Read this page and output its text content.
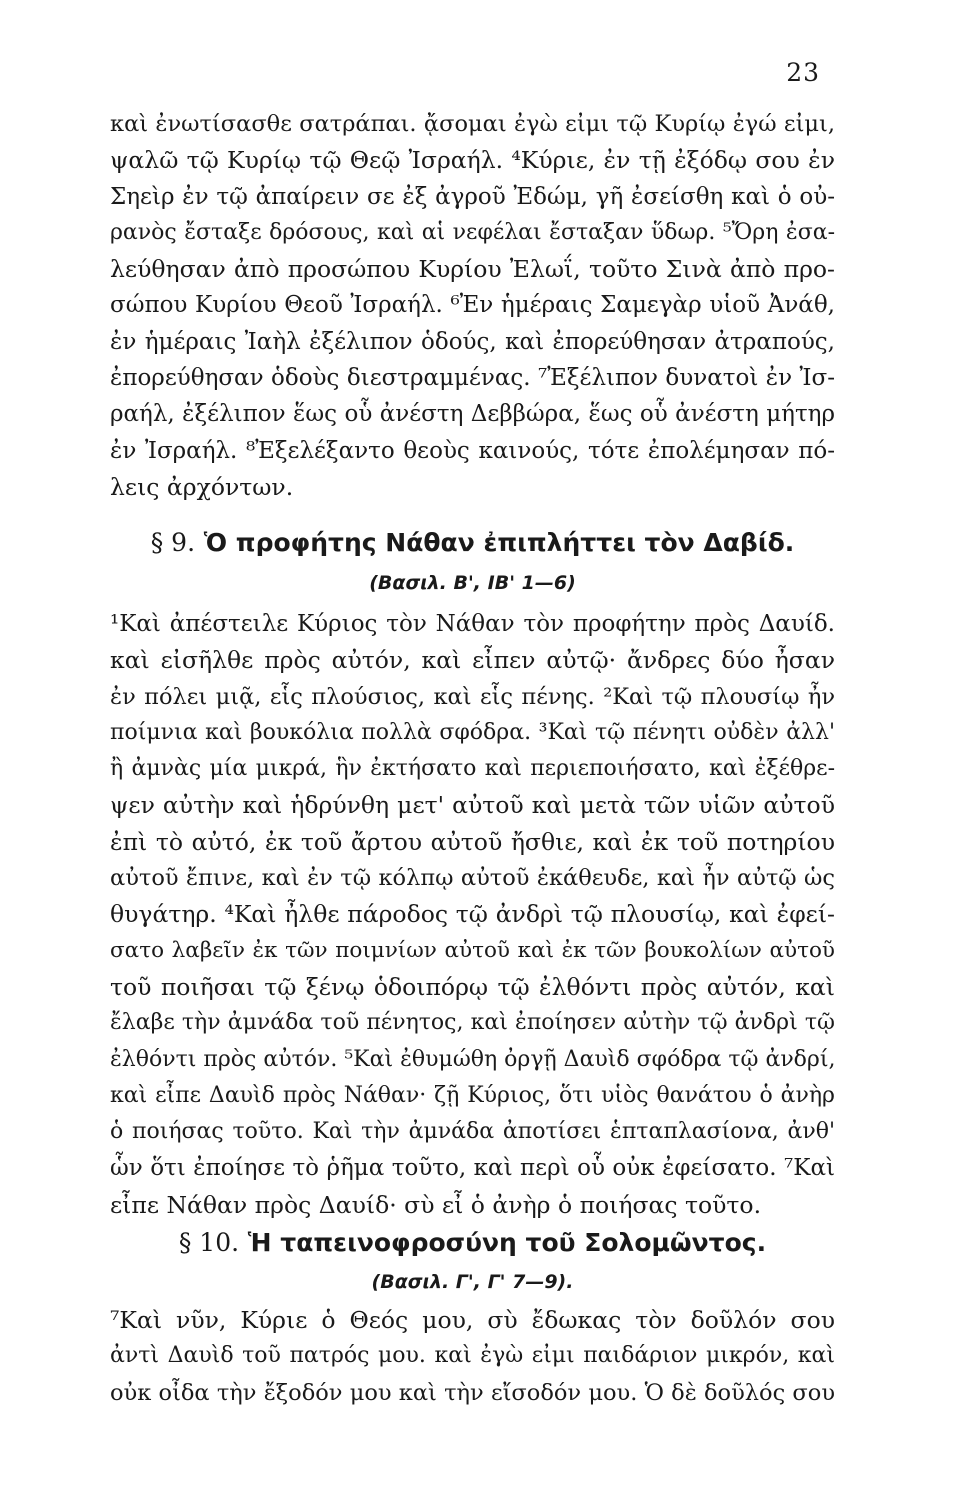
23
καὶ ἐνωτίσασθε σατράπαι. ᾄσομαι ἐγὼ εἰμι τῷ Κυρίῳ ἐγώ εἰμι,
ψαλῶ τῷ Κυρίῳ τῷ Θεῷ Ἰσραήλ. ⁴Κύριε, ἐν τῇ ἐξόδῳ σου ἐν
Σηεὶρ ἐν τῷ ἀπαίρειν σε ἐξ ἀγροῦ Ἐδώμ, γῆ ἐσείσθη καὶ ὁ οὐ-
ρανὸς ἔσταξε δρόσους, καὶ αἱ νεφέλαι ἔσταξαν ὕδωρ. ⁵Ὄρη ἐσα-
λεύθησαν ἀπὸ προσώπου Κυρίου Ἐλωΐ, τοῦτο Σινὰ ἀπὸ προ-
σώπου Κυρίου Θεοῦ Ἰσραήλ. ⁶Ἐν ἡμέραις Σαμεγὰρ υἱοῦ Ἀνάθ,
ἐν ἡμέραις Ἰαὴλ ἐξέλιπον ὁδούς, καὶ ἐπορεύθησαν ἀτραπούς,
ἐπορεύθησαν ὁδοὺς διεστραμμένας. ⁷Ἐξέλιπον δυνατοὶ ἐν Ἰσ-
ραήλ, ἐξέλιπον ἕως οὗ ἀνέστη Δεββώρα, ἕως οὗ ἀνέστη μήτηρ
ἐν Ἰσραήλ. ⁸Ἐξελέξαντο θεοὺς καινούς, τότε ἐπολέμησαν πό-
λεις ἀρχόντων.
§ 9. Ὁ προφήτης Νάθαν ἐπιπλήττει τὸν Δαβίδ.
(Βασιλ. Β', ΙΒ' 1—6)
¹Καὶ ἀπέστειλε Κύριος τὸν Νάθαν τὸν προφήτην πρὸς Δαυίδ.
καὶ εἰσῆλθε πρὸς αὐτόν, καὶ εἶπεν αὐτῷ· ἄνδρες δύο ἦσαν
ἐν πόλει μιᾷ, εἷς πλούσιος, καὶ εἷς πένης. ²Καὶ τῷ πλουσίῳ ἦν
ποίμνια καὶ βουκόλια πολλὰ σφόδρα. ³Καὶ τῷ πένητι οὐδὲν ἀλλ'
ἢ ἀμνὰς μία μικρά, ἣν ἐκτήσατο καὶ περιεποιήσατο, καὶ ἐξέθρε-
ψεν αὐτὴν καὶ ἡδρύνθη μετ' αὐτοῦ καὶ μετὰ τῶν υἱῶν αὐτοῦ
ἐπὶ τὸ αὐτό, ἐκ τοῦ ἄρτου αὐτοῦ ἤσθιε, καὶ ἐκ τοῦ ποτηρίου
αὐτοῦ ἔπινε, καὶ ἐν τῷ κόλπῳ αὐτοῦ ἐκάθευδε, καὶ ἦν αὐτῷ ὡς
θυγάτηρ. ⁴Καὶ ἦλθε πάροδος τῷ ἀνδρὶ τῷ πλουσίῳ, καὶ ἐφεί-
σατο λαβεῖν ἐκ τῶν ποιμνίων αὐτοῦ καὶ ἐκ τῶν βουκολίων αὐτοῦ
τοῦ ποιῆσαι τῷ ξένῳ ὁδοιπόρῳ τῷ ἐλθόντι πρὸς αὐτόν, καὶ
ἔλαβε τὴν ἀμνάδα τοῦ πένητος, καὶ ἐποίησεν αὐτὴν τῷ ἀνδρὶ τῷ
ἐλθόντι πρὸς αὐτόν. ⁵Καὶ ἐθυμώθη ὀργῇ Δαυὶδ σφόδρα τῷ ἀνδρί,
καὶ εἶπε Δαυὶδ πρὸς Νάθαν· ζῇ Κύριος, ὅτι υἱὸς θανάτου ὁ ἀνὴρ
ὁ ποιήσας τοῦτο. Καὶ τὴν ἀμνάδα ἀποτίσει ἑπταπλασίονα, ἀνθ'
ὧν ὅτι ἐποίησε τὸ ῥῆμα τοῦτο, καὶ περὶ οὗ οὐκ ἐφείσατο. ⁷Καὶ
εἶπε Νάθαν πρὸς Δαυίδ· σὺ εἶ ὁ ἀνὴρ ὁ ποιήσας τοῦτο.
§ 10. Ἡ ταπεινοφροσύνη τοῦ Σολομῶντος.
(Βασιλ. Γ', Γ' 7—9).
⁷Καὶ νῦν, Κύριε ὁ Θεός μου, σὺ ἔδωκας τὸν δοῦλόν σου
ἀντὶ Δαυὶδ τοῦ πατρός μου. καὶ ἐγὼ εἰμι παιδάριον μικρόν, καὶ
οὐκ οἶδα τὴν ἔξοδόν μου καὶ τὴν εἴσοδόν μου. Ὁ δὲ δοῦλός σου
